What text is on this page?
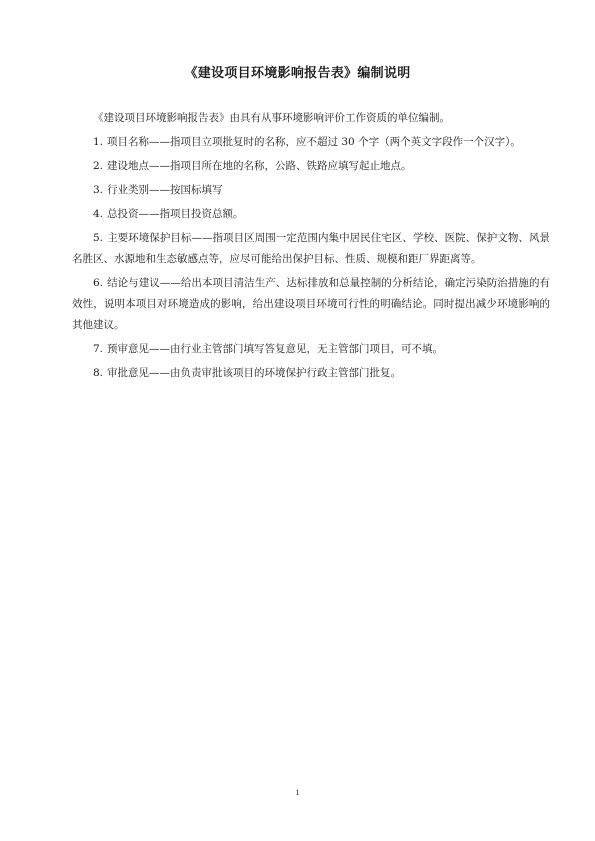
《建设项目环境影响报告表》编制说明

《建设项目环境影响报告表》由具有从事环境影响评价工作资质的单位编制。

1. 项目名称——指项目立项批复时的名称，应不超过 30 个字（两个英文字段作一个汉字）。

2. 建设地点——指项目所在地的名称，公路、铁路应填写起止地点。

3. 行业类别——按国标填写

4. 总投资——指项目投资总额。

5. 主要环境保护目标——指项目区周围一定范围内集中居民住宅区、学校、医院、保护文物、风景名胜区、水源地和生态敏感点等，应尽可能给出保护目标、性质、规模和距厂界距离等。

6. 结论与建议——给出本项目清洁生产、达标排放和总量控制的分析结论，确定污染防治措施的有效性，说明本项目对环境造成的影响，给出建设项目环境可行性的明确结论。同时提出减少环境影响的其他建议。

7. 预审意见——由行业主管部门填写答复意见，无主管部门项目，可不填。

8. 审批意见——由负责审批该项目的环境保护行政主管部门批复。

1
